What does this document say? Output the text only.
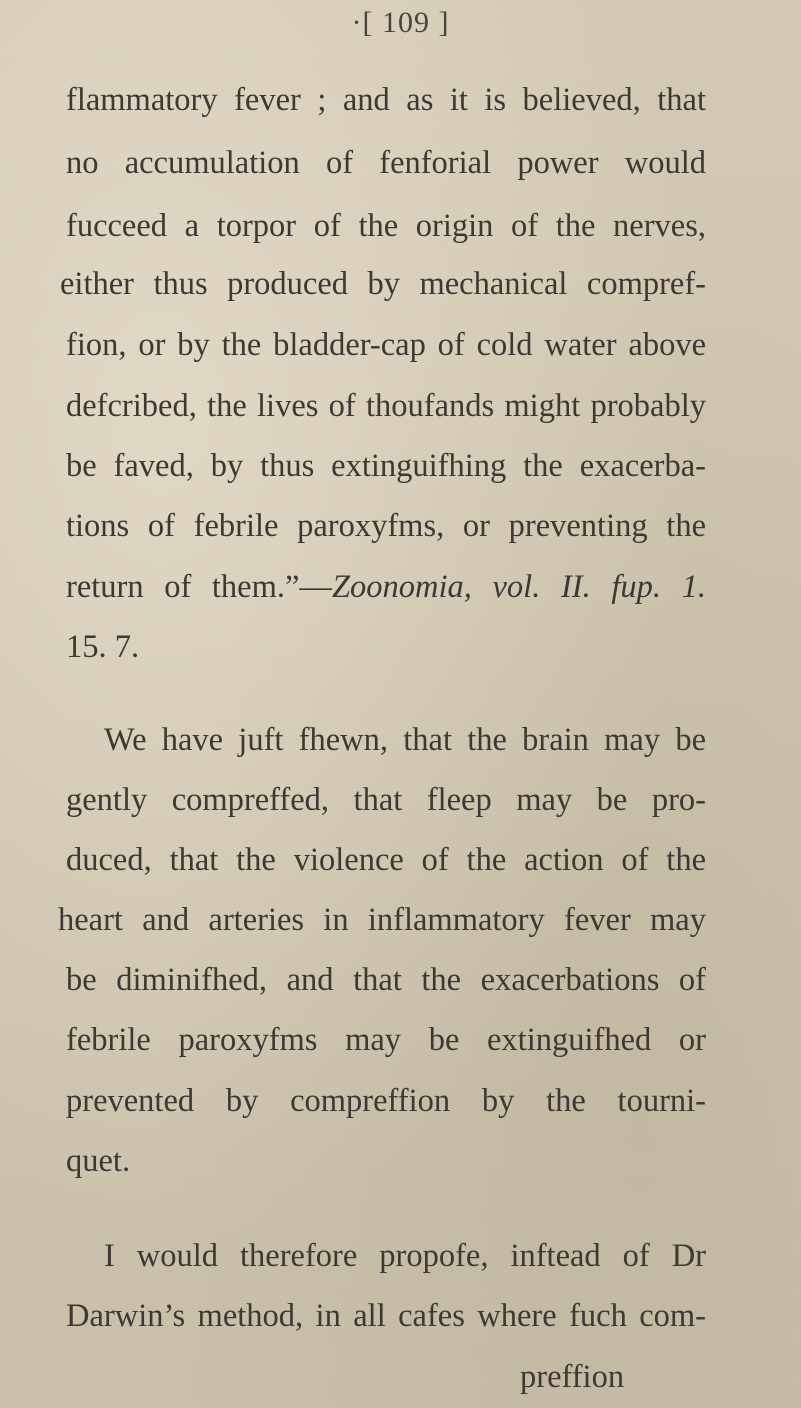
·[ 109 ]
flammatory fever ; and as it is believed, that
no accumulation of fenforial power would
fucceed a torpor of the origin of the nerves,
either thus produced by mechanical compref-
fion, or by the bladder-cap of cold water above
defcribed, the lives of thoufands might probably
be faved, by thus extinguifhing the exacerba-
tions of febrile paroxyfms, or preventing the
return of them.”—Zoonomia, vol. II. fup. 1.
15. 7.
We have juft fhewn, that the brain may be
gently compreffed, that fleep may be pro-
duced, that the violence of the action of the
heart and arteries in inflammatory fever may
be diminifhed, and that the exacerbations of
febrile paroxyfms may be extinguifhed or
prevented by compreffion by the tourni-
quet.
I would therefore propofe, inftead of Dr
Darwin’s method, in all cafes where fuch com-
preffion
